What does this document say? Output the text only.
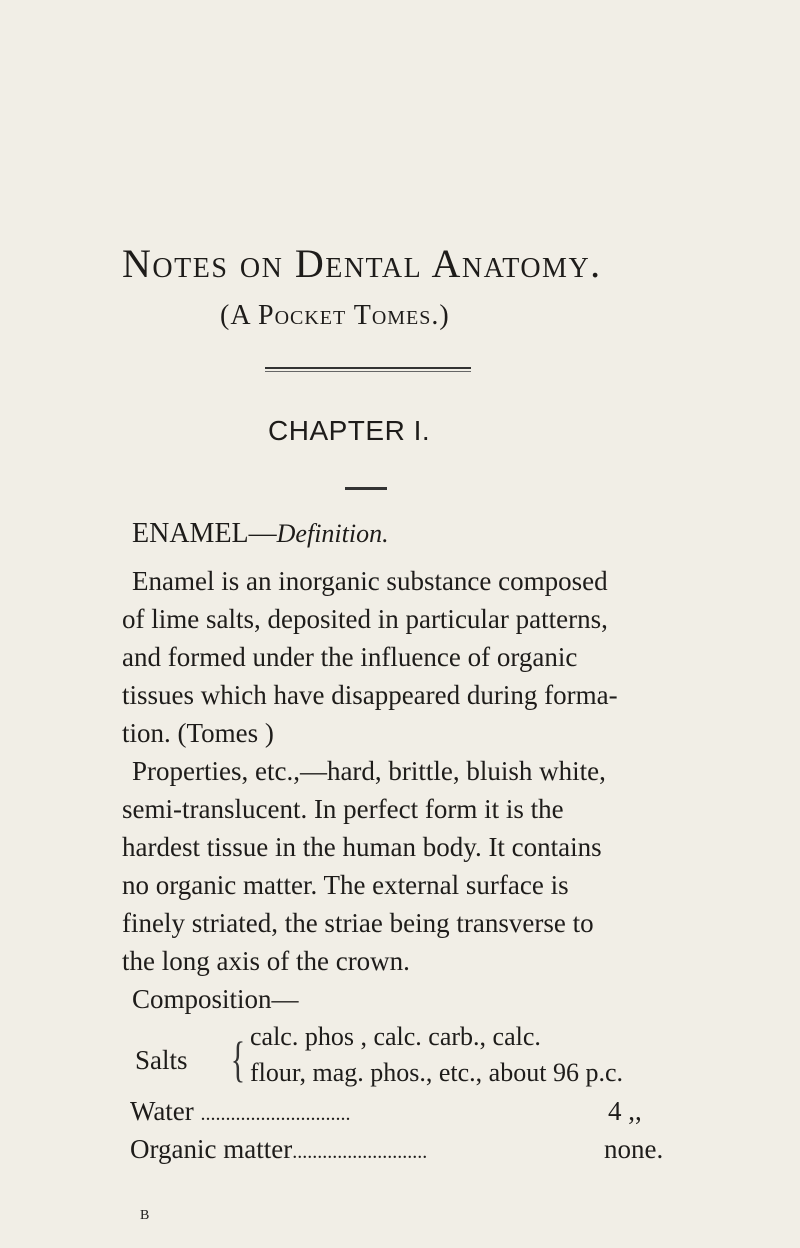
Notes on Dental Anatomy.
(A Pocket Tomes.)
CHAPTER I.
ENAMEL—Definition.
Enamel is an inorganic substance composed
of lime salts, deposited in particular patterns,
and formed under the influence of organic
tissues which have disappeared during forma-
tion. (Tomes )
Properties, etc.,—hard, brittle, bluish white,
semi-translucent. In perfect form it is the
hardest tissue in the human body. It contains
no organic matter. The external surface is
finely striated, the striae being transverse to
the long axis of the crown.
Composition—
Salts { calc. phos , calc. carb., calc.
flour, mag. phos., etc., about 96 p.c.
Water ..............................	4 ,,
Organic matter...........................	none.
B
